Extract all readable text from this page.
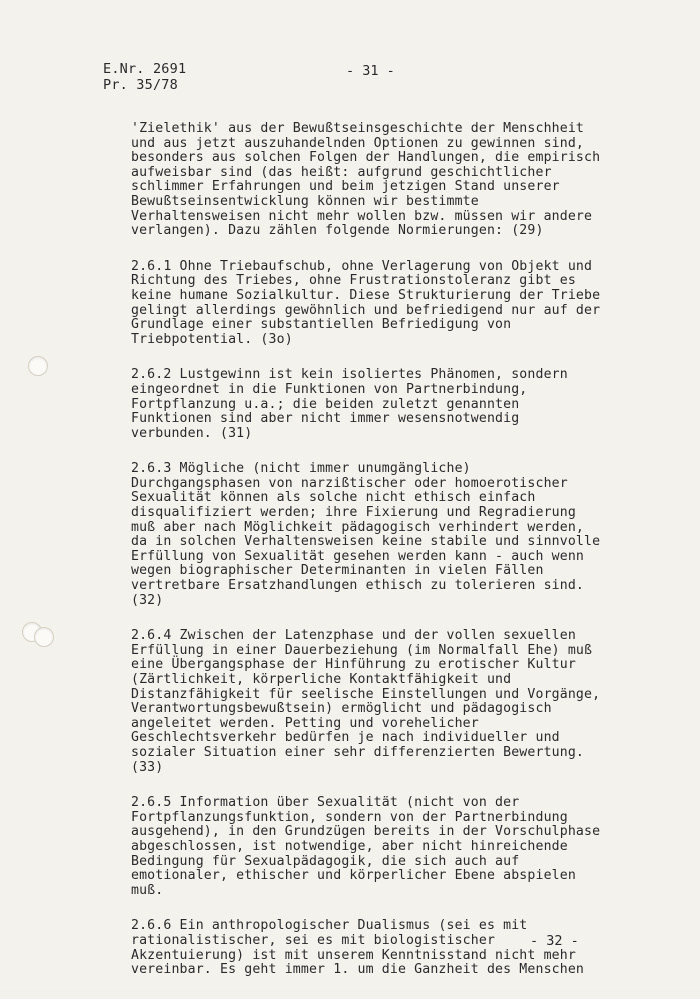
E.Nr. 2691
Pr. 35/78
- 31 -

'Zielethik' aus der Bewußtseinsgeschichte der Menschheit und aus jetzt auszuhandelnden Optionen zu gewinnen sind, besonders aus solchen Folgen der Handlungen, die empirisch aufweisbar sind (das heißt: aufgrund geschichtlicher schlimmer Erfahrungen und beim jetzigen Stand unserer Bewußtseinsentwicklung können wir bestimmte Verhaltensweisen nicht mehr wollen bzw. müssen wir andere verlangen). Dazu zählen folgende Normierungen: (29)

2.6.1 Ohne Triebaufschub, ohne Verlagerung von Objekt und Richtung des Triebes, ohne Frustrationstoleranz gibt es keine humane Sozialkultur. Diese Strukturierung der Triebe gelingt allerdings gewöhnlich und befriedigend nur auf der Grundlage einer substantiellen Befriedigung von Triebpotential. (3o)

2.6.2 Lustgewinn ist kein isoliertes Phänomen, sondern eingeordnet in die Funktionen von Partnerbindung, Fortpflanzung u.a.; die beiden zuletzt genannten Funktionen sind aber nicht immer wesensnotwendig verbunden. (31)

2.6.3 Mögliche (nicht immer unumgängliche) Durchgangsphasen von narzißtischer oder homoerotischer Sexualität können als solche nicht ethisch einfach disqualifiziert werden; ihre Fixierung und Regradierung muß aber nach Möglichkeit pädagogisch verhindert werden, da in solchen Verhaltensweisen keine stabile und sinnvolle Erfüllung von Sexualität gesehen werden kann - auch wenn wegen biographischer Determinanten in vielen Fällen vertretbare Ersatzhandlungen ethisch zu tolerieren sind. (32)

2.6.4 Zwischen der Latenzphase und der vollen sexuellen Erfüllung in einer Dauerbeziehung (im Normalfall Ehe) muß eine Übergangsphase der Hinführung zu erotischer Kultur (Zärtlichkeit, körperliche Kontaktfähigkeit und Distanzfähigkeit für seelische Einstellungen und Vorgänge, Verantwortungsbewußtsein) ermöglicht und pädagogisch angeleitet werden. Petting und vorehelicher Geschlechtsverkehr bedürfen je nach individueller und sozialer Situation einer sehr differenzierten Bewertung. (33)

2.6.5 Information über Sexualität (nicht von der Fortpflanzungsfunktion, sondern von der Partnerbindung ausgehend), in den Grundzügen bereits in der Vorschulphase abgeschlossen, ist notwendige, aber nicht hinreichende Bedingung für Sexualpädagogik, die sich auch auf emotionaler, ethischer und körperlicher Ebene abspielen muß.

2.6.6 Ein anthropologischer Dualismus (sei es mit rationalistischer, sei es mit biologistischer Akzentuierung) ist mit unserem Kenntnisstand nicht mehr vereinbar. Es geht immer 1. um die Ganzheit des Menschen

- 32 -
